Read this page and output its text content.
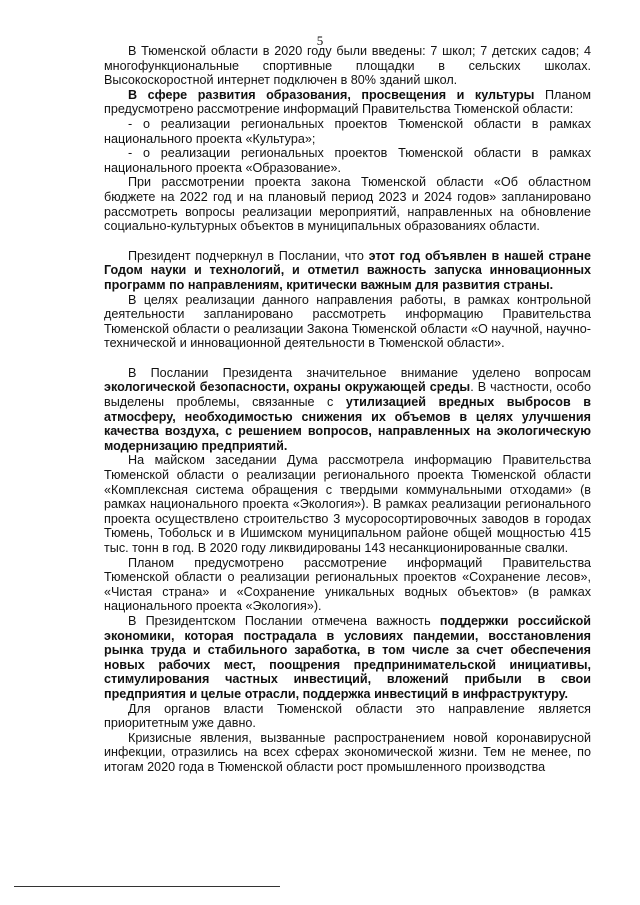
5

В Тюменской области в 2020 году были введены: 7 школ; 7 детских садов; 4 многофункциональные спортивные площадки в сельских школах. Высокоскоростной интернет подключен в 80% зданий школ.

В сфере развития образования, просвещения и культуры Планом предусмотрено рассмотрение информаций Правительства Тюменской области:

- о реализации региональных проектов Тюменской области в рамках национального проекта «Культура»;

- о реализации региональных проектов Тюменской области в рамках национального проекта «Образование».

При рассмотрении проекта закона Тюменской области «Об областном бюджете на 2022 год и на плановый период 2023 и 2024 годов» запланировано рассмотреть вопросы реализации мероприятий, направленных на обновление социально-культурных объектов в муниципальных образованиях области.

Президент подчеркнул в Послании, что этот год объявлен в нашей стране Годом науки и технологий, и отметил важность запуска инновационных программ по направлениям, критически важным для развития страны.

В целях реализации данного направления работы, в рамках контрольной деятельности запланировано рассмотреть информацию Правительства Тюменской области о реализации Закона Тюменской области «О научной, научно-технической и инновационной деятельности в Тюменской области».

В Послании Президента значительное внимание уделено вопросам экологической безопасности, охраны окружающей среды. В частности, особо выделены проблемы, связанные с утилизацией вредных выбросов в атмосферу, необходимостью снижения их объемов в целях улучшения качества воздуха, с решением вопросов, направленных на экологическую модернизацию предприятий.

На майском заседании Дума рассмотрела информацию Правительства Тюменской области о реализации регионального проекта Тюменской области «Комплексная система обращения с твердыми коммунальными отходами» (в рамках национального проекта «Экология»). В рамках реализации регионального проекта осуществлено строительство 3 мусоросортировочных заводов в городах Тюмень, Тобольск и в Ишимском муниципальном районе общей мощностью 415 тыс. тонн в год. В 2020 году ликвидированы 143 несанкционированные свалки.

Планом предусмотрено рассмотрение информаций Правительства Тюменской области о реализации региональных проектов «Сохранение лесов», «Чистая страна» и «Сохранение уникальных водных объектов» (в рамках национального проекта «Экология»).

В Президентском Послании отмечена важность поддержки российской экономики, которая пострадала в условиях пандемии, восстановления рынка труда и стабильного заработка, в том числе за счет обеспечения новых рабочих мест, поощрения предпринимательской инициативы, стимулирования частных инвестиций, вложений прибыли в свои предприятия и целые отрасли, поддержка инвестиций в инфраструктуру.

Для органов власти Тюменской области это направление является приоритетным уже давно.

Кризисные явления, вызванные распространением новой коронавирусной инфекции, отразились на всех сферах экономической жизни. Тем не менее, по итогам 2020 года в Тюменской области рост промышленного производства
